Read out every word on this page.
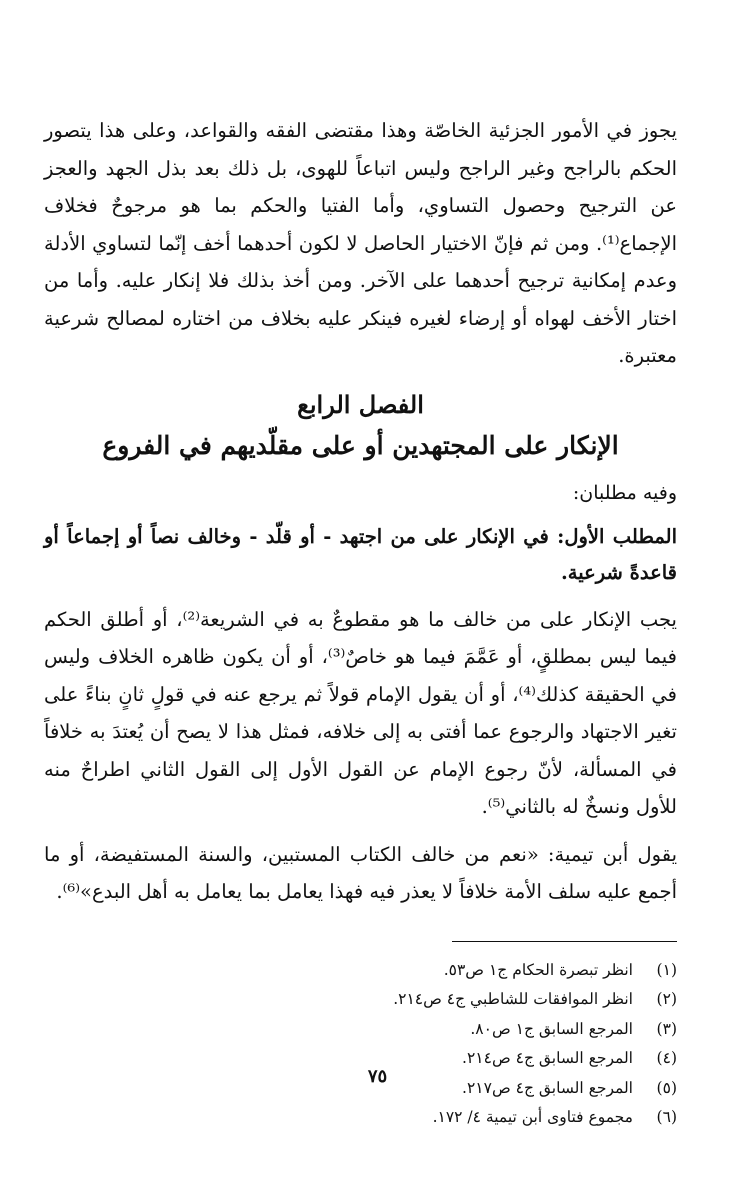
يجوز في الأمور الجزئية الخاصّة وهذا مقتضى الفقه والقواعد، وعلى هذا يتصور الحكم بالراجح وغير الراجح وليس اتباعاً للهوى، بل ذلك بعد بذل الجهد والعجز عن الترجيح وحصول التساوي، وأما الفتيا والحكم بما هو مرجوحٌ فخلاف الإجماع⁽¹⁾. ومن ثم فإنّ الاختيار الحاصل لا لكون أحدهما أخف إنّما لتساوي الأدلة وعدم إمكانية ترجيح أحدهما على الآخر. ومن أخذ بذلك فلا إنكار عليه. وأما من اختار الأخف لهواه أو إرضاء لغيره فينكر عليه بخلاف من اختاره لمصالح شرعية معتبرة.

الفصل الرابع
الإنكار على المجتهدين أو على مقلّديهم في الفروع

وفيه مطلبان:

المطلب الأول: في الإنكار على من اجتهد - أو قلّد - وخالف نصاً أو إجماعاً أو قاعدةً شرعية.

يجب الإنكار على من خالف ما هو مقطوعٌ به في الشريعة⁽²⁾، أو أطلق الحكم فيما ليس بمطلقٍ، أو عَمَّمَ فيما هو خاصٌ⁽³⁾، أو أن يكون ظاهره الخلاف وليس في الحقيقة كذلك⁽⁴⁾، أو أن يقول الإمام قولاً ثم يرجع عنه في قولٍ ثانٍ بناءً على تغير الاجتهاد والرجوع عما أفتى به إلى خلافه، فمثل هذا لا يصح أن يُعتدَ به خلافاً في المسألة، لأنّ رجوع الإمام عن القول الأول إلى القول الثاني اطراحٌ منه للأول ونسخٌ له بالثاني⁽⁵⁾.

يقول أبن تيمية: «نعم من خالف الكتاب المستبين، والسنة المستفيضة، أو ما أجمع عليه سلف الأمة خلافاً لا يعذر فيه فهذا يعامل بما يعامل به أهل البدع»⁽⁶⁾.

(١)انظر تبصرة الحكام ج١ ص٥٣.
(٢)انظر الموافقات للشاطبي ج٤ ص٢١٤.
(٣)المرجع السابق ج١ ص٨٠.
(٤)المرجع السابق ج٤ ص٢١٤.
(٥)المرجع السابق ج٤ ص٢١٧.
(٦)مجموع فتاوى أبن تيمية ٤/ ١٧٢.
٧٥
